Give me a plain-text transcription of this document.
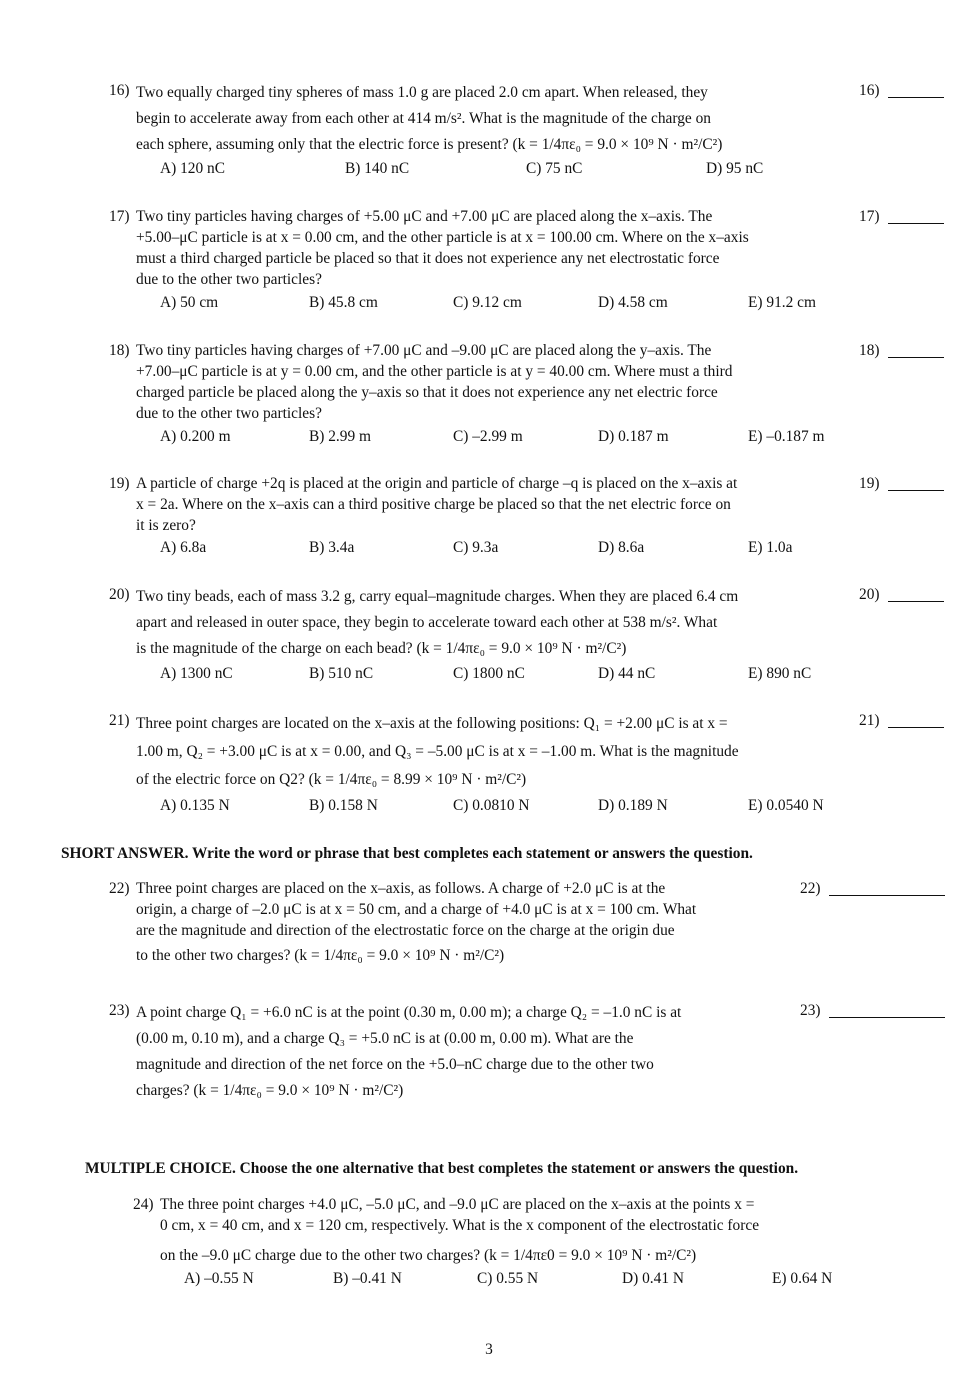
16) Two equally charged tiny spheres of mass 1.0 g are placed 2.0 cm apart. When released, they

begin to accelerate away from each other at 414 m/s². What is the magnitude of the charge on

each sphere, assuming only that the electric force is present? (k = 1/4πε₀ = 9.0 × 10⁹ N · m²/C²)

A) 120 nC	B) 140 nC	C) 75 nC	D) 95 nC
16)
17) Two tiny particles having charges of +5.00 μC and +7.00 μC are placed along the x–axis. The

+5.00–μC particle is at x = 0.00 cm, and the other particle is at x = 100.00 cm. Where on the x–axis

must a third charged particle be placed so that it does not experience any net electrostatic force

due to the other two particles?

A) 50 cm	B) 45.8 cm	C) 9.12 cm	D) 4.58 cm	E) 91.2 cm
17)
18) Two tiny particles having charges of +7.00 μC and –9.00 μC are placed along the y–axis. The

+7.00–μC particle is at y = 0.00 cm, and the other particle is at y = 40.00 cm. Where must a third

charged particle be placed along the y–axis so that it does not experience any net electric force

due to the other two particles?

A) 0.200 m	B) 2.99 m	C) –2.99 m	D) 0.187 m	E) –0.187 m
18)
19) A particle of charge +2q is placed at the origin and particle of charge –q is placed on the x–axis at

x = 2a. Where on the x–axis can a third positive charge be placed so that the net electric force on

it is zero?

A) 6.8a	B) 3.4a	C) 9.3a	D) 8.6a	E) 1.0a
19)
20) Two tiny beads, each of mass 3.2 g, carry equal–magnitude charges. When they are placed 6.4 cm

apart and released in outer space, they begin to accelerate toward each other at 538 m/s². What

is the magnitude of the charge on each bead? (k = 1/4πε₀ = 9.0 × 10⁹ N · m²/C²)

A) 1300 nC	B) 510 nC	C) 1800 nC	D) 44 nC	E) 890 nC
20)
21) Three point charges are located on the x–axis at the following positions: Q₁ = +2.00 μC is at x =

1.00 m, Q₂ = +3.00 μC is at x = 0.00, and Q₃ = –5.00 μC is at x = –1.00 m. What is the magnitude

of the electric force on Q2? (k = 1/4πε₀ = 8.99 × 10⁹ N · m²/C²)

A) 0.135 N	B) 0.158 N	C) 0.0810 N	D) 0.189 N	E) 0.0540 N
21)
SHORT ANSWER. Write the word or phrase that best completes each statement or answers the question.
22) Three point charges are placed on the x–axis, as follows. A charge of +2.0 μC is at the

origin, a charge of –2.0 μC is at x = 50 cm, and a charge of +4.0 μC is at x = 100 cm. What

are the magnitude and direction of the electrostatic force on the charge at the origin due

to the other two charges? (k = 1/4πε₀ = 9.0 × 10⁹ N · m²/C²)

22)
23) A point charge Q₁ = +6.0 nC is at the point (0.30 m, 0.00 m); a charge Q₂ = –1.0 nC is at

(0.00 m, 0.10 m), and a charge Q₃ = +5.0 nC is at (0.00 m, 0.00 m). What are the

magnitude and direction of the net force on the +5.0–nC charge due to the other two

charges? (k = 1/4πε₀ = 9.0 × 10⁹ N · m²/C²)

23)
MULTIPLE CHOICE. Choose the one alternative that best completes the statement or answers the question.
24) The three point charges +4.0 μC, –5.0 μC, and –9.0 μC are placed on the x–axis at the points x =

0 cm, x = 40 cm, and x = 120 cm, respectively. What is the x component of the electrostatic force

on the –9.0 μC charge due to the other two charges? (k = 1/4πε0 = 9.0 × 10⁹ N · m²/C²)

A) –0.55 N	B) –0.41 N	C) 0.55 N	D) 0.41 N	E) 0.64 N
3
